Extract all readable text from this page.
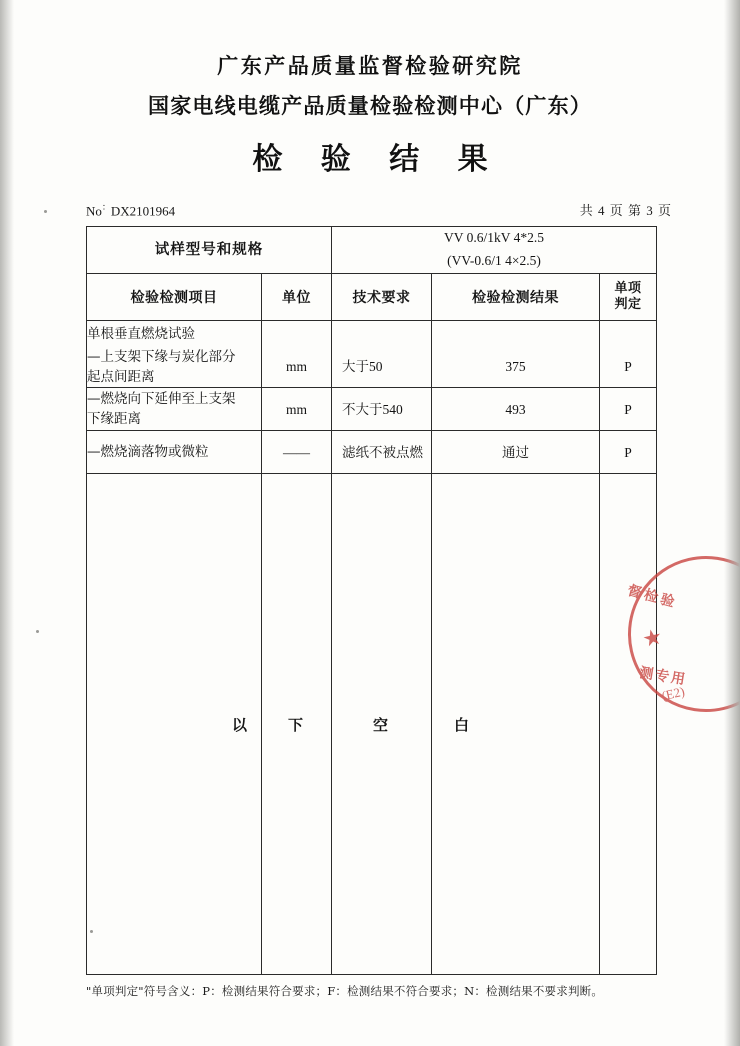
广东产品质量监督检验研究院
国家电线电缆产品质量检验检测中心（广东）
检 验 结 果
No：DX2101964	共 4 页 第 3 页
试样型号和规格		VV 0.6/1kV 4*2.5
(VV-0.6/1 4×2.5)		

检验检测项目	单位	技术要求	检验检测结果	单项
判定

单根垂直燃烧试验				

—上支架下缘与炭化部分
起点间距离	mm	大于50	375	P

—燃烧向下延伸至上支架
下缘距离	mm	不大于540	493	P

—燃烧滴落物或微粒	——	滤纸不被点燃	通过	P
以	下	空	白	
"单项判定"符号含义：P：检测结果符合要求；F：检测结果不符合要求；N：检测结果不要求判断。
督检验
★
测专用
(E2)
